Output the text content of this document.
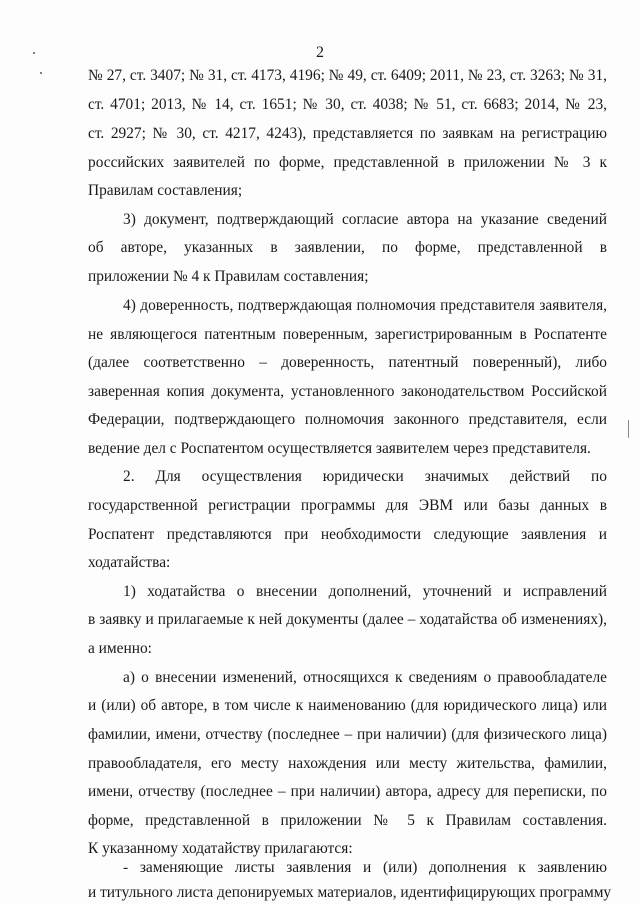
2
№ 27, ст. 3407; № 31, ст. 4173, 4196; № 49, ст. 6409; 2011, № 23, ст. 3263; № 31,
ст. 4701; 2013, № 14, ст. 1651; № 30, ст. 4038; № 51, ст. 6683; 2014, № 23,
ст. 2927; № 30, ст. 4217, 4243), представляется по заявкам на регистрацию
российских заявителей по форме, представленной в приложении № 3 к
Правилам составления;
3) документ, подтверждающий согласие автора на указание сведений
об авторе, указанных в заявлении, по форме, представленной в
приложении № 4 к Правилам составления;
4) доверенность, подтверждающая полномочия представителя заявителя,
не являющегося патентным поверенным, зарегистрированным в Роспатенте
(далее соответственно – доверенность, патентный поверенный), либо
заверенная копия документа, установленного законодательством Российской
Федерации, подтверждающего полномочия законного представителя, если
ведение дел с Роспатентом осуществляется заявителем через представителя.
2. Для осуществления юридически значимых действий по
государственной регистрации программы для ЭВМ или базы данных в
Роспатент представляются при необходимости следующие заявления и
ходатайства:
1) ходатайства о внесении дополнений, уточнений и исправлений
в заявку и прилагаемые к ней документы (далее – ходатайства об изменениях),
а именно:
а) о внесении изменений, относящихся к сведениям о правообладателе
и (или) об авторе, в том числе к наименованию (для юридического лица) или
фамилии, имени, отчеству (последнее – при наличии) (для физического лица)
правообладателя, его месту нахождения или месту жительства, фамилии,
имени, отчеству (последнее – при наличии) автора, адресу для переписки, по
форме, представленной в приложении № 5 к Правилам составления.
К указанному ходатайству прилагаются:
- заменяющие листы заявления и (или) дополнения к заявлению
и титульного листа депонируемых материалов, идентифицирующих программу
